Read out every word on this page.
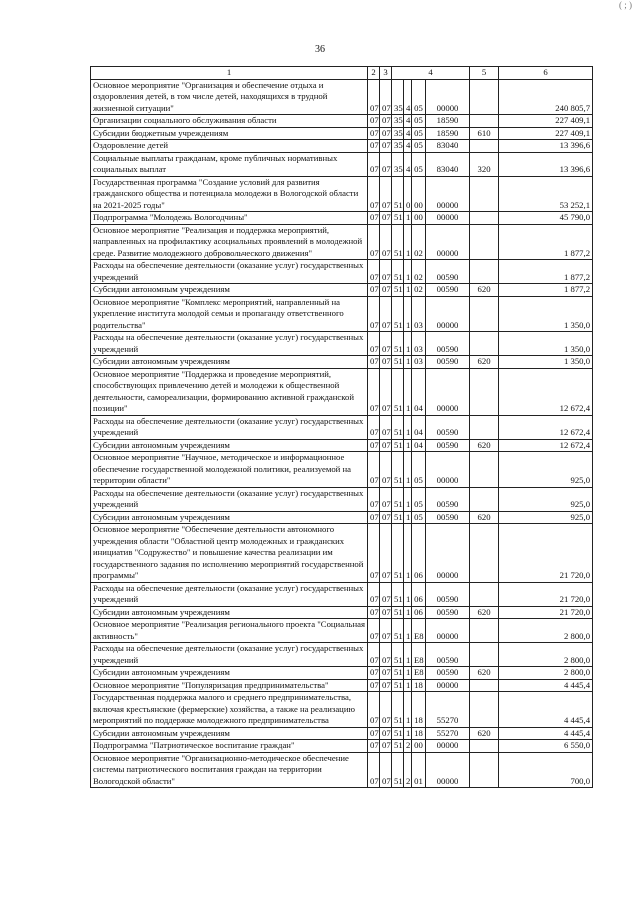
( ; )
36
1	2	3	4				5	6
Основное мероприятие "Организация и обеспечение отдыха и оздоровления детей, в том числе детей, находящихся в трудной жизненной ситуации"	07	07	35	4	05	00000		240 805,7
Организации социального обслуживания области	07	07	35	4	05	18590		227 409,1
Субсидии бюджетным учреждениям	07	07	35	4	05	18590	610	227 409,1
Оздоровление детей	07	07	35	4	05	83040		13 396,6
Социальные выплаты гражданам, кроме публичных нормативных социальных выплат	07	07	35	4	05	83040	320	13 396,6
Государственная программа "Создание условий для развития гражданского общества и потенциала молодежи в Вологодской области на 2021-2025 годы"	07	07	51	0	00	00000		53 252,1
Подпрограмма "Молодежь Вологодчины"	07	07	51	1	00	00000		45 790,0
Основное мероприятие "Реализация и поддержка мероприятий, направленных на профилактику асоциальных проявлений в молодежной среде. Развитие молодежного добровольческого движения"	07	07	51	1	02	00000		1 877,2
Расходы на обеспечение деятельности (оказание услуг) государственных учреждений	07	07	51	1	02	00590		1 877,2
Субсидии автономным учреждениям	07	07	51	1	02	00590	620	1 877,2
Основное мероприятие "Комплекс мероприятий, направленный на укрепление института молодой семьи и пропаганду ответственного родительства"	07	07	51	1	03	00000		1 350,0
Расходы на обеспечение деятельности (оказание услуг) государственных учреждений	07	07	51	1	03	00590		1 350,0
Субсидии автономным учреждениям	07	07	51	1	03	00590	620	1 350,0
Основное мероприятие "Поддержка и проведение мероприятий, способствующих привлечению детей и молодежи к общественной деятельности, самореализации, формированию активной гражданской позиции"	07	07	51	1	04	00000		12 672,4
Расходы на обеспечение деятельности (оказание услуг) государственных учреждений	07	07	51	1	04	00590		12 672,4
Субсидии автономным учреждениям	07	07	51	1	04	00590	620	12 672,4
Основное мероприятие "Научное, методическое и информационное обеспечение государственной молодежной политики, реализуемой на территории области"	07	07	51	1	05	00000		925,0
Расходы на обеспечение деятельности (оказание услуг) государственных учреждений	07	07	51	1	05	00590		925,0
Субсидии автономным учреждениям	07	07	51	1	05	00590	620	925,0
Основное мероприятие "Обеспечение деятельности автономного учреждения области "Областной центр молодежных и гражданских инициатив "Содружество" и повышение качества реализации им государственного задания по исполнению мероприятий государственной программы"	07	07	51	1	06	00000		21 720,0
Расходы на обеспечение деятельности (оказание услуг) государственных учреждений	07	07	51	1	06	00590		21 720,0
Субсидии автономным учреждениям	07	07	51	1	06	00590	620	21 720,0
Основное мероприятие "Реализация регионального проекта "Социальная активность"	07	07	51	1	E8	00000		2 800,0
Расходы на обеспечение деятельности (оказание услуг) государственных учреждений	07	07	51	1	E8	00590		2 800,0
Субсидии автономным учреждениям	07	07	51	1	E8	00590	620	2 800,0
Основное мероприятие "Популяризация предпринимательства"	07	07	51	1	18	00000		4 445,4
Государственная поддержка малого и среднего предпринимательства, включая крестьянские (фермерские) хозяйства, а также на реализацию мероприятий по поддержке молодежного предпринимательства	07	07	51	1	18	55270		4 445,4
Субсидии автономным учреждениям	07	07	51	1	18	55270	620	4 445,4
Подпрограмма "Патриотическое воспитание граждан"	07	07	51	2	00	00000		6 550,0
Основное мероприятие "Организационно-методическое обеспечение системы патриотического воспитания граждан на территории Вологодской области"	07	07	51	2	01	00000		700,0
